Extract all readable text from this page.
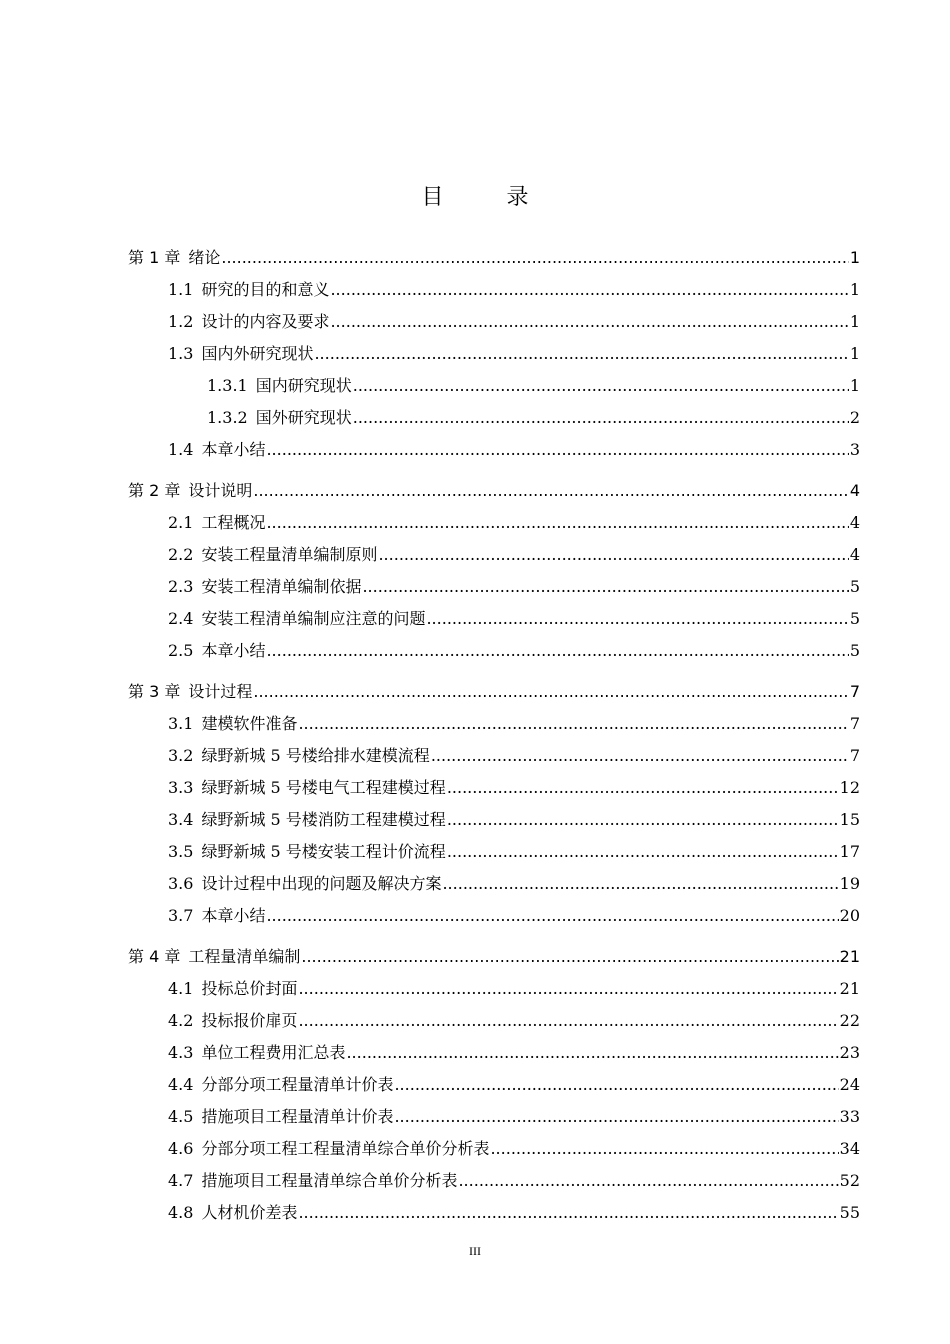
目 录
第 1 章 绪论 .....	1
1.1 研究的目的和意义 .....	1
1.2 设计的内容及要求 .....	1
1.3 国内外研究现状 .....	1
1.3.1 国内研究现状 .....	1
1.3.2 国外研究现状 .....	2
1.4 本章小结 .....	3
第 2 章 设计说明 .....	4
2.1 工程概况 .....	4
2.2 安装工程量清单编制原则 .....	4
2.3 安装工程清单编制依据 .....	5
2.4 安装工程清单编制应注意的问题 .....	5
2.5 本章小结 .....	5
第 3 章 设计过程 .....	7
3.1 建模软件准备 .....	7
3.2 绿野新城 5 号楼给排水建模流程 .....	7
3.3 绿野新城 5 号楼电气工程建模过程 .....	12
3.4 绿野新城 5 号楼消防工程建模过程 .....	15
3.5 绿野新城 5 号楼安装工程计价流程 .....	17
3.6 设计过程中出现的问题及解决方案 .....	19
3.7 本章小结 .....	20
第 4 章 工程量清单编制 .....	21
4.1 投标总价封面 .....	21
4.2 投标报价扉页 .....	22
4.3 单位工程费用汇总表 .....	23
4.4 分部分项工程量清单计价表 .....	24
4.5 措施项目工程量清单计价表 .....	33
4.6 分部分项工程工程量清单综合单价分析表 .....	34
4.7 措施项目工程量清单综合单价分析表 .....	52
4.8 人材机价差表 .....	55
III
